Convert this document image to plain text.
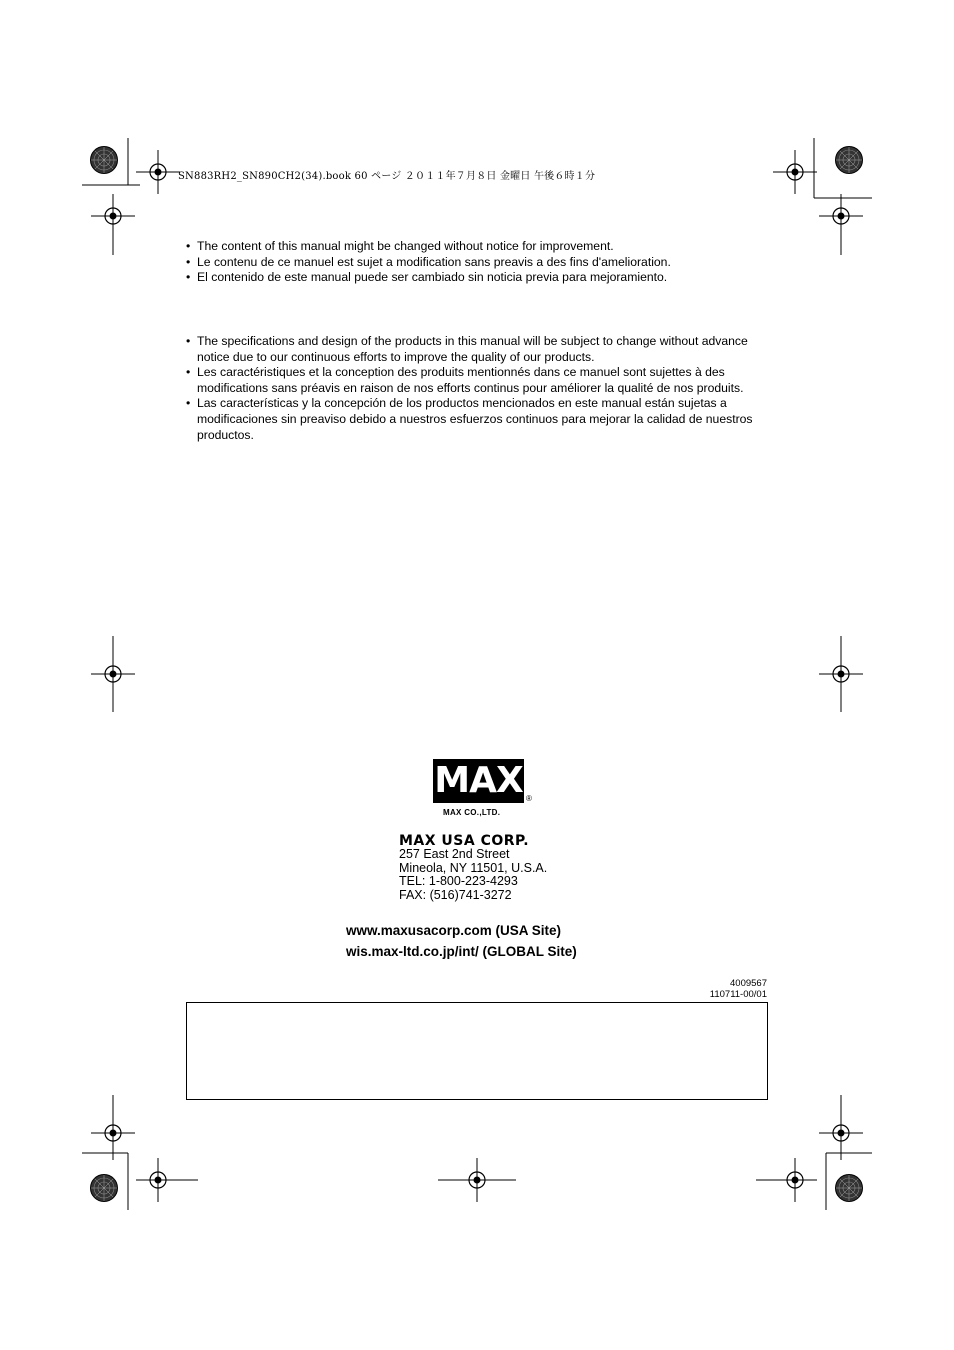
SN883RH2_SN890CH2(34).book 60 ページ ２０１１年７月８日 金曜日 午後６時１分
• The content of this manual might be changed without notice for improvement.
• Le contenu de ce manuel est sujet a modification sans preavis a des fins d'amelioration.
• El contenido de este manual puede ser cambiado sin noticia previa para mejoramiento.
• The specifications and design of the products in this manual will be subject to change without advance notice due to our continuous efforts to improve the quality of our products.
• Les caractéristiques et la conception des produits mentionnés dans ce manuel sont sujettes à des modifications sans préavis en raison de nos efforts continus pour améliorer la qualité de nos produits.
• Las características y la concepción de los productos mencionados en este manual están sujetas a modificaciones sin preaviso debido a nuestros esfuerzos continuos para mejorar la calidad de nuestros productos.
MAX ®
MAX CO.,LTD.
MAX USA CORP.
257 East 2nd Street
Mineola, NY 11501, U.S.A.
TEL: 1-800-223-4293
FAX: (516)741-3272
www.maxusacorp.com (USA Site)
wis.max-ltd.co.jp/int/ (GLOBAL Site)
4009567
110711-00/01
